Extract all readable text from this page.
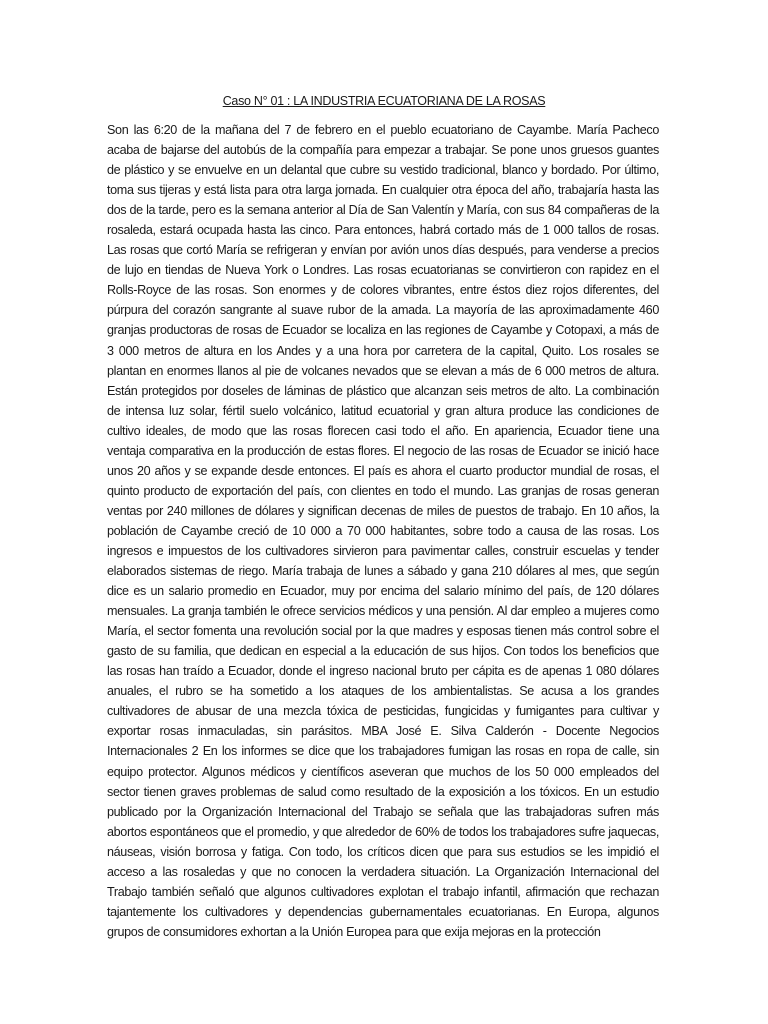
Caso N° 01 : LA INDUSTRIA ECUATORIANA DE LA ROSAS

Son las 6:20 de la mañana del 7 de febrero en el pueblo ecuatoriano de Cayambe. María Pacheco acaba de bajarse del autobús de la compañía para empezar a trabajar. Se pone unos gruesos guantes de plástico y se envuelve en un delantal que cubre su vestido tradicional, blanco y bordado. Por último, toma sus tijeras y está lista para otra larga jornada. En cualquier otra época del año, trabajaría hasta las dos de la tarde, pero es la semana anterior al Día de San Valentín y María, con sus 84 compañeras de la rosaleda, estará ocupada hasta las cinco. Para entonces, habrá cortado más de 1 000 tallos de rosas. Las rosas que cortó María se refrigeran y envían por avión unos días después, para venderse a precios de lujo en tiendas de Nueva York o Londres. Las rosas ecuatorianas se convirtieron con rapidez en el Rolls-Royce de las rosas. Son enormes y de colores vibrantes, entre éstos diez rojos diferentes, del púrpura del corazón sangrante al suave rubor de la amada. La mayoría de las aproximadamente 460 granjas productoras de rosas de Ecuador se localiza en las regiones de Cayambe y Cotopaxi, a más de 3 000 metros de altura en los Andes y a una hora por carretera de la capital, Quito. Los rosales se plantan en enormes llanos al pie de volcanes nevados que se elevan a más de 6 000 metros de altura. Están protegidos por doseles de láminas de plástico que alcanzan seis metros de alto. La combinación de intensa luz solar, fértil suelo volcánico, latitud ecuatorial y gran altura produce las condiciones de cultivo ideales, de modo que las rosas florecen casi todo el año. En apariencia, Ecuador tiene una ventaja comparativa en la producción de estas flores. El negocio de las rosas de Ecuador se inició hace unos 20 años y se expande desde entonces. El país es ahora el cuarto productor mundial de rosas, el quinto producto de exportación del país, con clientes en todo el mundo. Las granjas de rosas generan ventas por 240 millones de dólares y significan decenas de miles de puestos de trabajo. En 10 años, la población de Cayambe creció de 10 000 a 70 000 habitantes, sobre todo a causa de las rosas. Los ingresos e impuestos de los cultivadores sirvieron para pavimentar calles, construir escuelas y tender elaborados sistemas de riego. María trabaja de lunes a sábado y gana 210 dólares al mes, que según dice es un salario promedio en Ecuador, muy por encima del salario mínimo del país, de 120 dólares mensuales. La granja también le ofrece servicios médicos y una pensión. Al dar empleo a mujeres como María, el sector fomenta una revolución social por la que madres y esposas tienen más control sobre el gasto de su familia, que dedican en especial a la educación de sus hijos. Con todos los beneficios que las rosas han traído a Ecuador, donde el ingreso nacional bruto per cápita es de apenas 1 080 dólares anuales, el rubro se ha sometido a los ataques de los ambientalistas. Se acusa a los grandes cultivadores de abusar de una mezcla tóxica de pesticidas, fungicidas y fumigantes para cultivar y exportar rosas inmaculadas, sin parásitos. MBA José E. Silva Calderón - Docente Negocios Internacionales 2 En los informes se dice que los trabajadores fumigan las rosas en ropa de calle, sin equipo protector. Algunos médicos y científicos aseveran que muchos de los 50 000 empleados del sector tienen graves problemas de salud como resultado de la exposición a los tóxicos. En un estudio publicado por la Organización Internacional del Trabajo se señala que las trabajadoras sufren más abortos espontáneos que el promedio, y que alrededor de 60% de todos los trabajadores sufre jaquecas, náuseas, visión borrosa y fatiga. Con todo, los críticos dicen que para sus estudios se les impidió el acceso a las rosaledas y que no conocen la verdadera situación. La Organización Internacional del Trabajo también señaló que algunos cultivadores explotan el trabajo infantil, afirmación que rechazan tajantemente los cultivadores y dependencias gubernamentales ecuatorianas. En Europa, algunos grupos de consumidores exhortan a la Unión Europea para que exija mejoras en la protección
